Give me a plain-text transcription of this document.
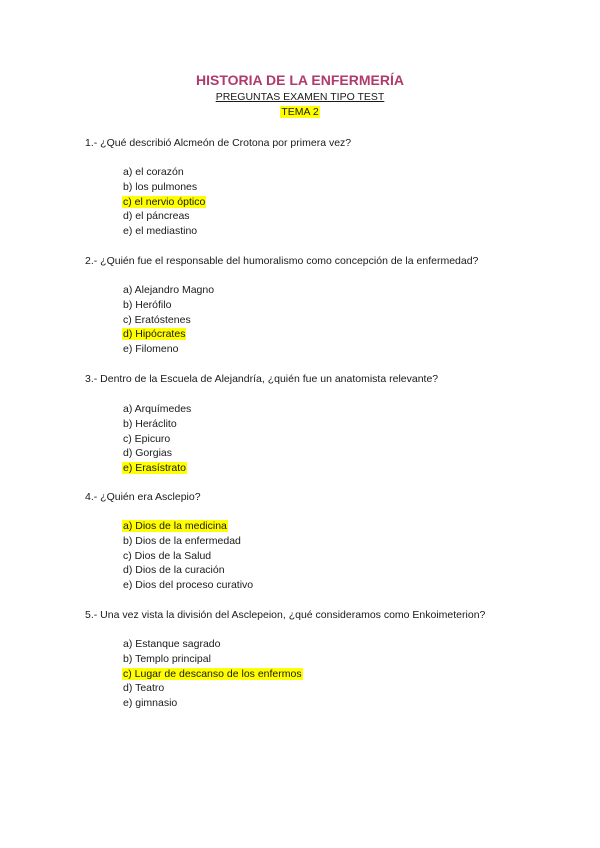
HISTORIA DE LA ENFERMERÍA
PREGUNTAS EXAMEN TIPO TEST
TEMA 2
1.- ¿Qué describió Alcmeón de Crotona por primera vez?
a) el corazón
b) los pulmones
c) el nervio óptico
d) el páncreas
e) el mediastino
2.- ¿Quién fue el responsable del humoralismo como concepción de la enfermedad?
a) Alejandro Magno
b) Herófilo
c) Eratóstenes
d) Hipócrates
e) Filomeno
3.- Dentro de la Escuela de Alejandría, ¿quién fue un anatomista relevante?
a) Arquímedes
b) Heráclito
c) Epicuro
d) Gorgias
e) Erasístrato
4.- ¿Quién era Asclepio?
a) Dios de la medicina
b) Dios de la enfermedad
c) Dios de la Salud
d) Dios de la curación
e) Dios del proceso curativo
5.- Una vez vista la división del Asclepeion, ¿qué consideramos como Enkoimeterion?
a) Estanque sagrado
b) Templo principal
c) Lugar de descanso de los enfermos
d) Teatro
e) gimnasio
